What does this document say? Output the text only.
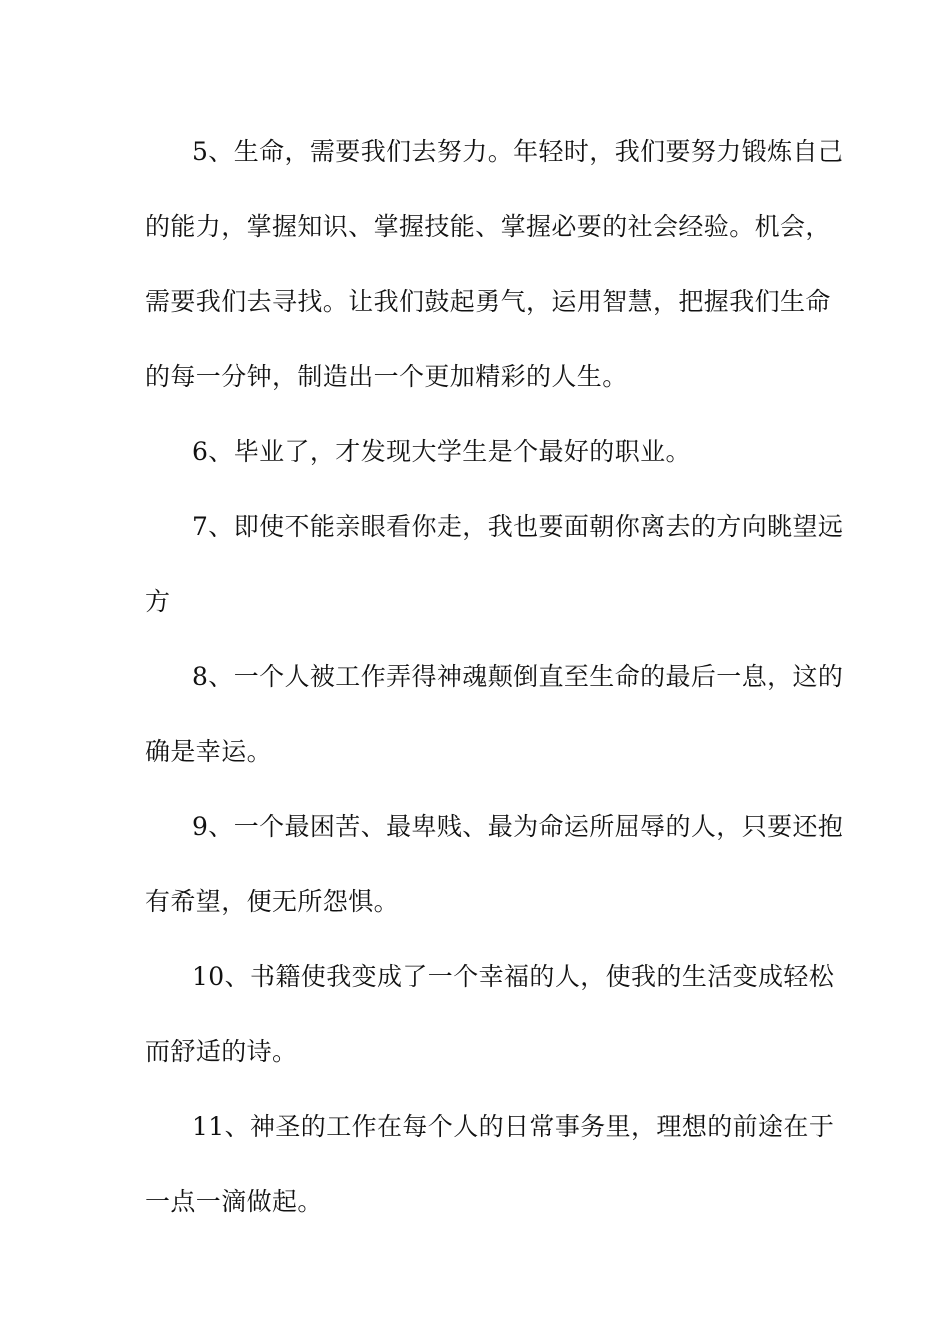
5、生命，需要我们去努力。年轻时，我们要努力锻炼自己
的能力，掌握知识、掌握技能、掌握必要的社会经验。机会，
需要我们去寻找。让我们鼓起勇气，运用智慧，把握我们生命
的每一分钟，制造出一个更加精彩的人生。
6、毕业了，才发现大学生是个最好的职业。
7、即使不能亲眼看你走，我也要面朝你离去的方向眺望远
方
8、一个人被工作弄得神魂颠倒直至生命的最后一息，这的
确是幸运。
9、一个最困苦、最卑贱、最为命运所屈辱的人，只要还抱
有希望，便无所怨惧。
10、书籍使我变成了一个幸福的人，使我的生活变成轻松
而舒适的诗。
11、神圣的工作在每个人的日常事务里，理想的前途在于
一点一滴做起。
